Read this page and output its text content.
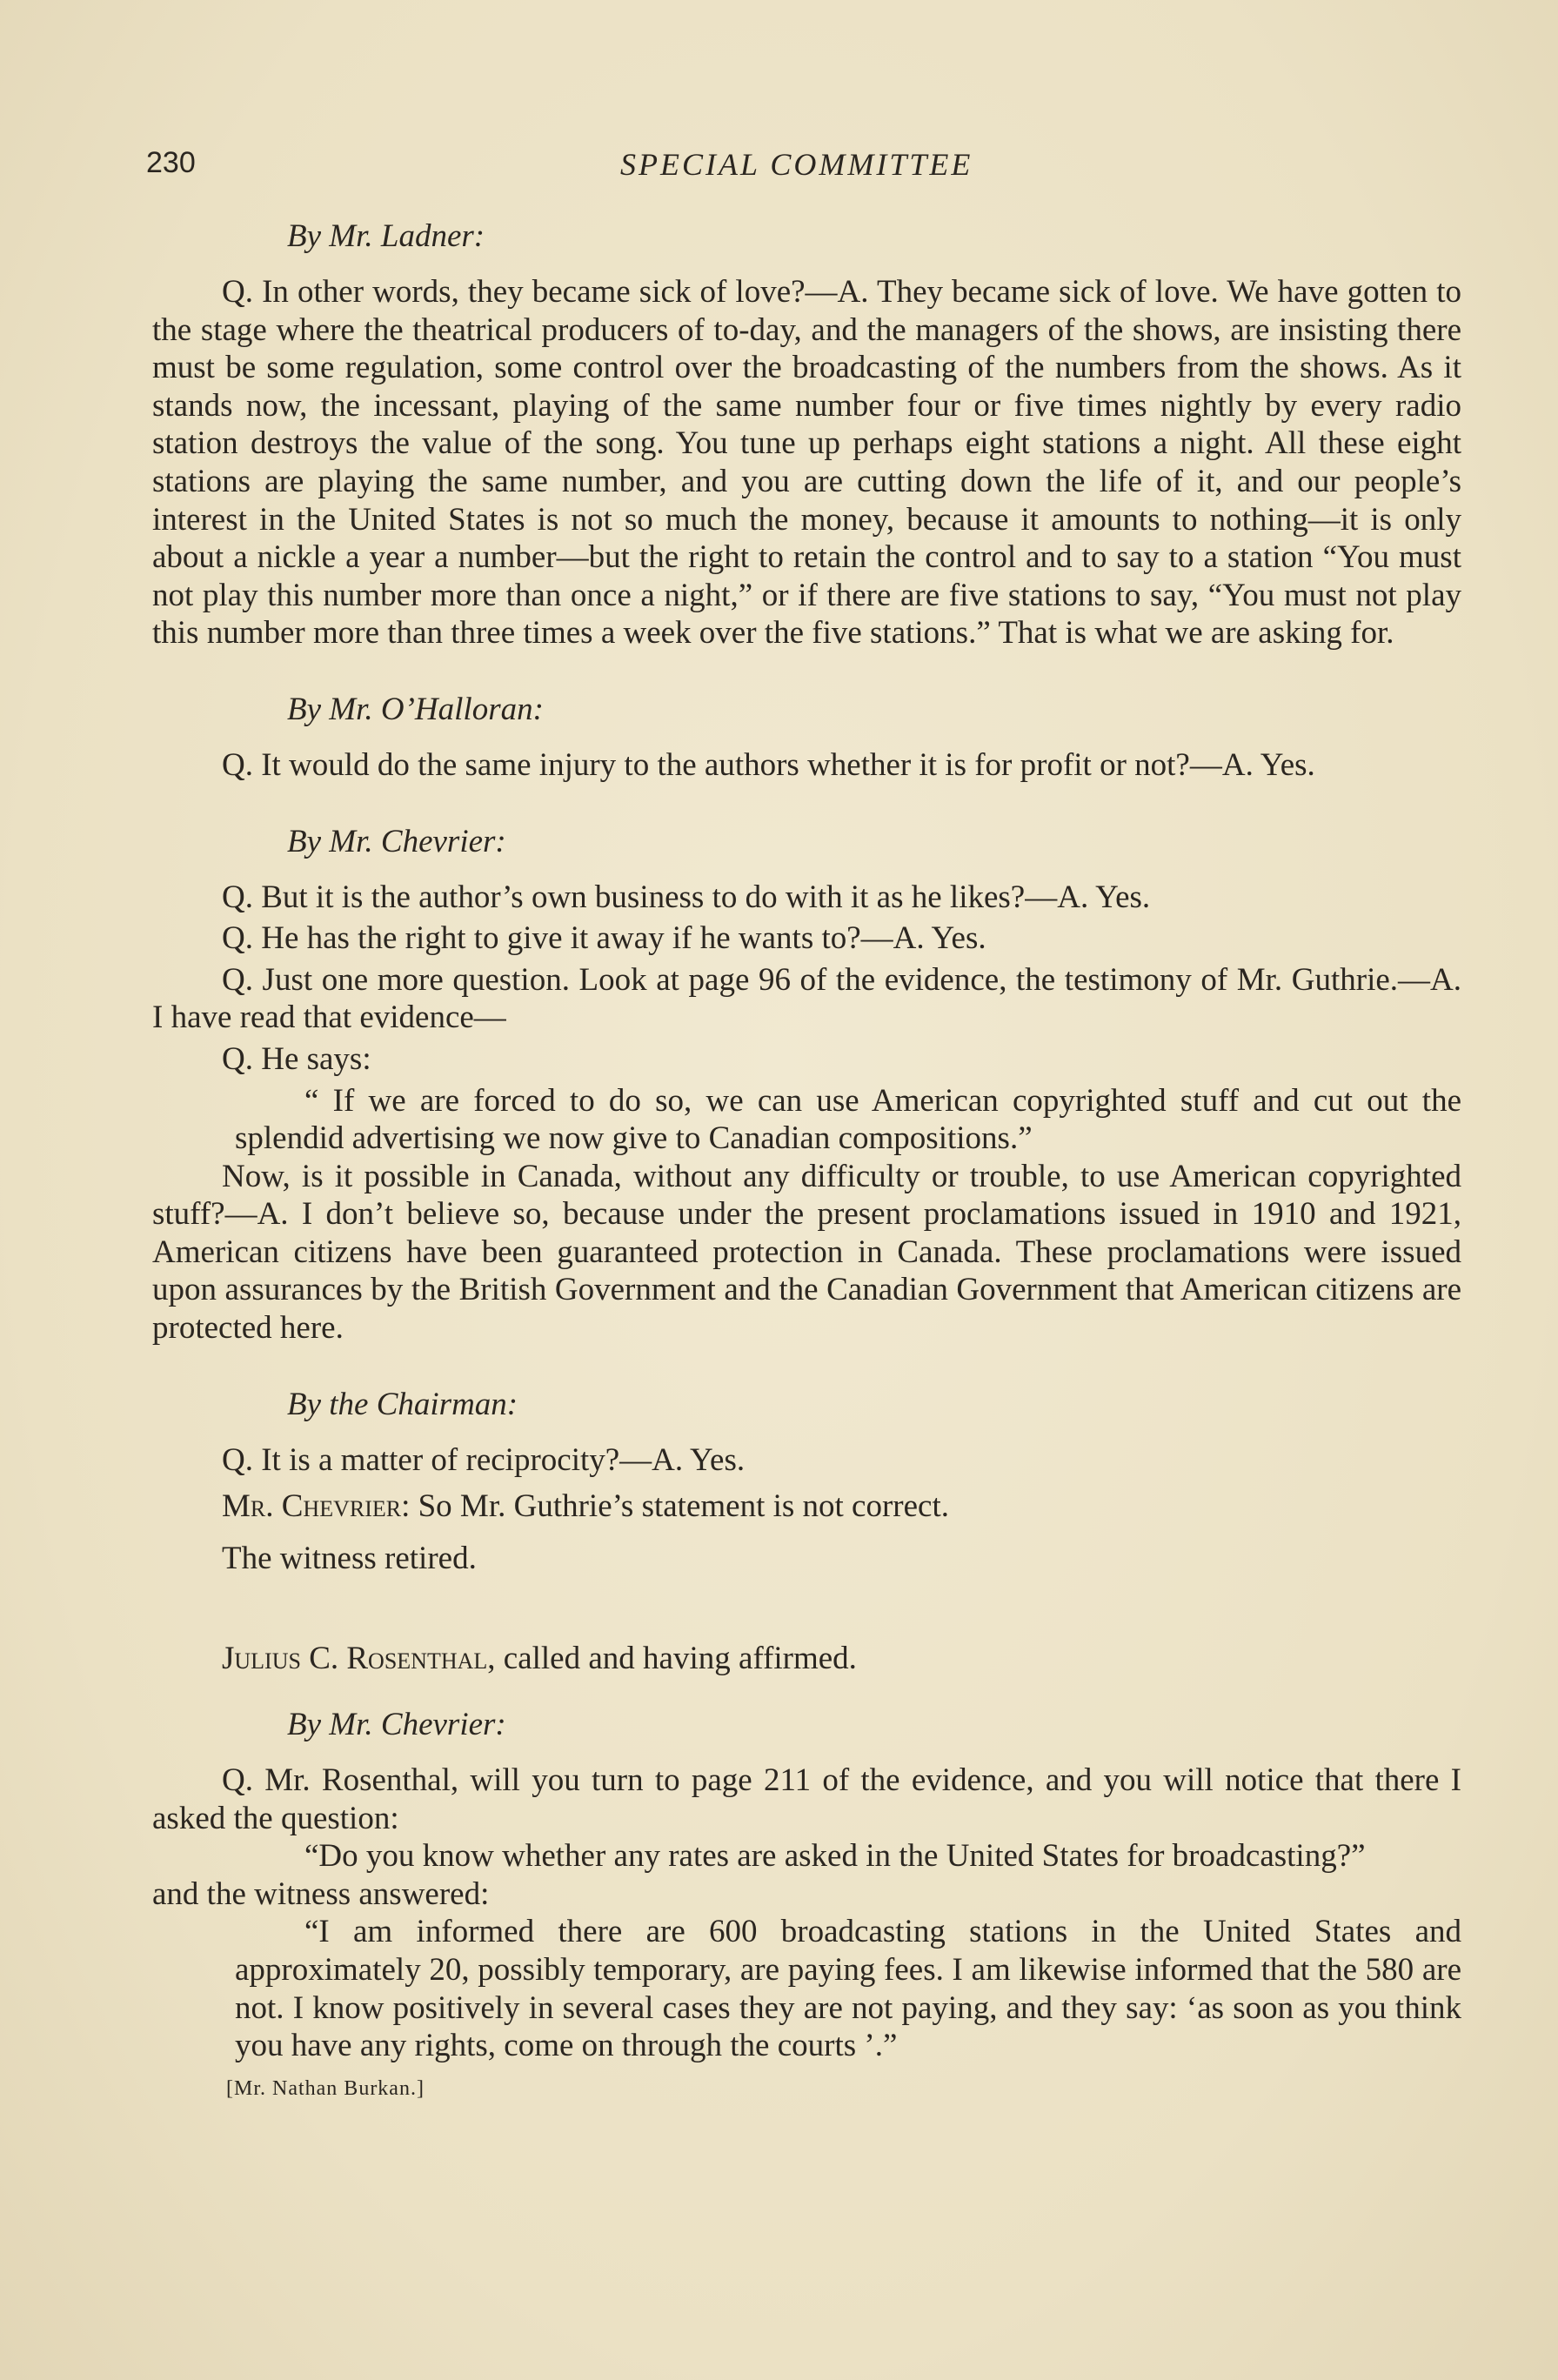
230	SPECIAL COMMITTEE
By Mr. Ladner:

Q. In other words, they became sick of love?—A. They became sick of love. We have gotten to the stage where the theatrical producers of to-day, and the managers of the shows, are insisting there must be some regulation, some control over the broadcasting of the numbers from the shows. As it stands now, the incessant, playing of the same number four or five times nightly by every radio station destroys the value of the song. You tune up perhaps eight stations a night. All these eight stations are playing the same number, and you are cutting down the life of it, and our people’s interest in the United States is not so much the money, because it amounts to nothing—it is only about a nickle a year a number—but the right to retain the control and to say to a station “You must not play this number more than once a night,” or if there are five stations to say, “You must not play this number more than three times a week over the five stations.” That is what we are asking for.

By Mr. O’Halloran:

Q. It would do the same injury to the authors whether it is for profit or not?—A. Yes.

By Mr. Chevrier:

Q. But it is the author’s own business to do with it as he likes?—A. Yes.

Q. He has the right to give it away if he wants to?—A. Yes.

Q. Just one more question. Look at page 96 of the evidence, the testimony of Mr. Guthrie.—A. I have read that evidence—

Q. He says:

“ If we are forced to do so, we can use American copyrighted stuff and cut out the splendid advertising we now give to Canadian compositions.”

Now, is it possible in Canada, without any difficulty or trouble, to use American copyrighted stuff?—A. I don’t believe so, because under the present proclamations issued in 1910 and 1921, American citizens have been guaranteed protection in Canada. These proclamations were issued upon assurances by the British Government and the Canadian Government that American citizens are protected here.

By the Chairman:

Q. It is a matter of reciprocity?—A. Yes.

Mr. Chevrier: So Mr. Guthrie’s statement is not correct.

The witness retired.

Julius C. Rosenthal, called and having affirmed.

By Mr. Chevrier:

Q. Mr. Rosenthal, will you turn to page 211 of the evidence, and you will notice that there I asked the question:

“Do you know whether any rates are asked in the United States for broadcasting?”

and the witness answered:

“I am informed there are 600 broadcasting stations in the United States and approximately 20, possibly temporary, are paying fees. I am likewise informed that the 580 are not. I know positively in several cases they are not paying, and they say: ‘as soon as you think you have any rights, come on through the courts ’.”

[Mr. Nathan Burkan.]
